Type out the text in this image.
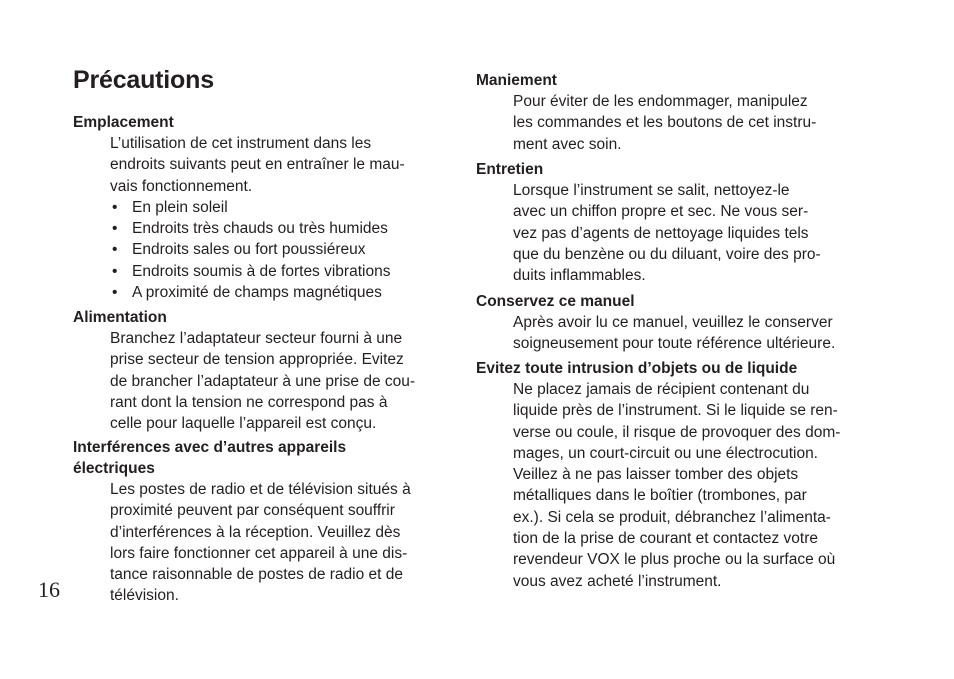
Précautions

Emplacement

L’utilisation de cet instrument dans les
endroits suivants peut en entraîner le mau-
vais fonctionnement.

• En plein soleil
• Endroits très chauds ou très humides
• Endroits sales ou fort poussiéreux
• Endroits soumis à de fortes vibrations
• A proximité de champs magnétiques

Alimentation

Branchez l’adaptateur secteur fourni à une
prise secteur de tension appropriée. Evitez
de brancher l’adaptateur à une prise de cou-
rant dont la tension ne correspond pas à
celle pour laquelle l’appareil est conçu.

Interférences avec d’autres appareils
électriques

Les postes de radio et de télévision situés à
proximité peuvent par conséquent souffrir
d’interférences à la réception. Veuillez dès
lors faire fonctionner cet appareil à une dis-
tance raisonnable de postes de radio et de
télévision.

Maniement

Pour éviter de les endommager, manipulez
les commandes et les boutons de cet instru-
ment avec soin.

Entretien

Lorsque l’instrument se salit, nettoyez-le
avec un chiffon propre et sec. Ne vous ser-
vez pas d’agents de nettoyage liquides tels
que du benzène ou du diluant, voire des pro-
duits inflammables.

Conservez ce manuel

Après avoir lu ce manuel, veuillez le conserver
soigneusement pour toute référence ultérieure.

Evitez toute intrusion d’objets ou de liquide

Ne placez jamais de récipient contenant du
liquide près de l’instrument. Si le liquide se ren-
verse ou coule, il risque de provoquer des dom-
mages, un court-circuit ou une électrocution.
Veillez à ne pas laisser tomber des objets
métalliques dans le boîtier (trombones, par
ex.). Si cela se produit, débranchez l’alimenta-
tion de la prise de courant et contactez votre
revendeur VOX le plus proche ou la surface où
vous avez acheté l’instrument.

16
